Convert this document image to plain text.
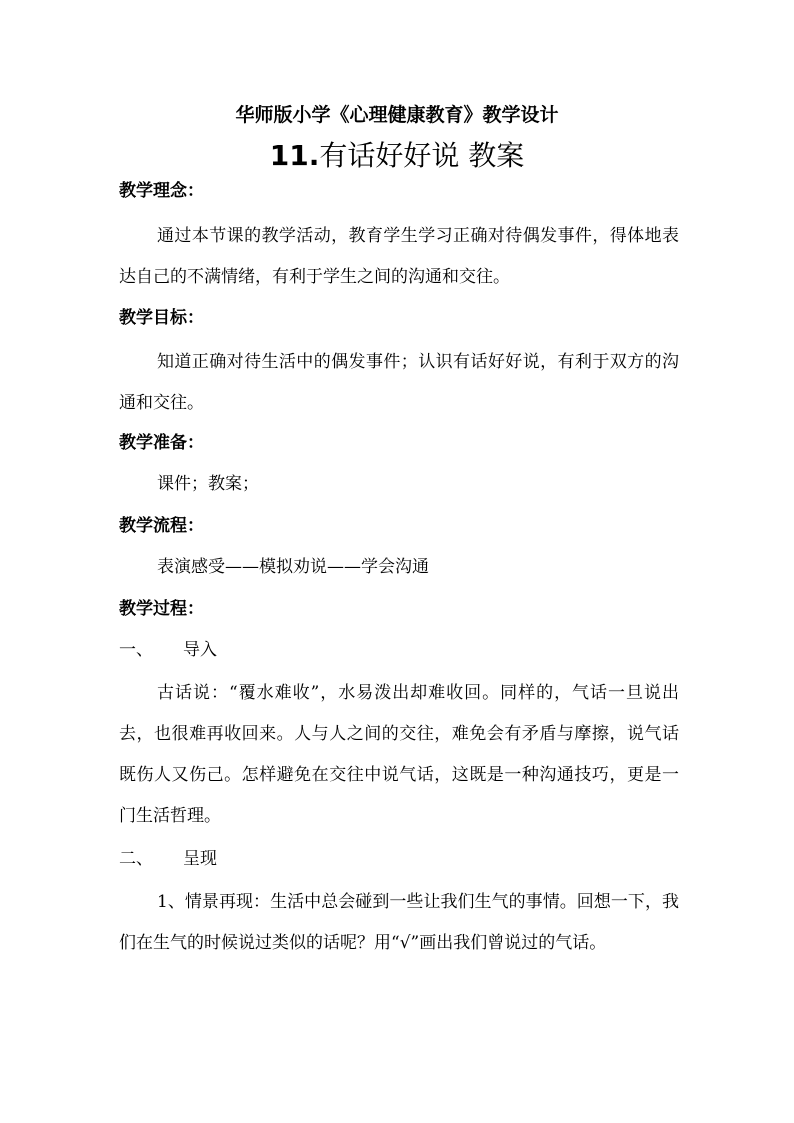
华师版小学《心理健康教育》教学设计
11.有话好好说 教案
教学理念：

通过本节课的教学活动，教育学生学习正确对待偶发事件，得体地表达自己的不满情绪，有利于学生之间的沟通和交往。

教学目标：

知道正确对待生活中的偶发事件；认识有话好好说，有利于双方的沟通和交往。

教学准备：
课件；教案；
教学流程：
表演感受——模拟劝说——学会沟通
教学过程：
一、 导入

古话说：“覆水难收”，水易泼出却难收回。同样的，气话一旦说出去，也很难再收回来。人与人之间的交往，难免会有矛盾与摩擦，说气话既伤人又伤己。怎样避免在交往中说气话，这既是一种沟通技巧，更是一门生活哲理。

二、 呈现

1、情景再现：生活中总会碰到一些让我们生气的事情。回想一下，我们在生气的时候说过类似的话呢？用“√”画出我们曾说过的气话。
